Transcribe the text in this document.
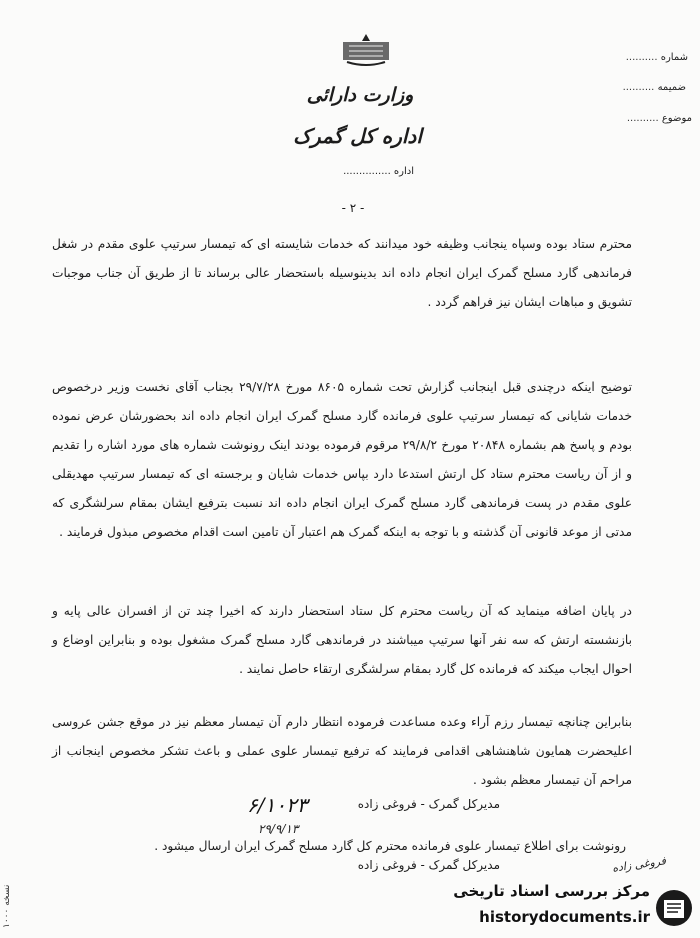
وزارت دارائی
اداره کل گمرک
اداره ...............
شماره ..........
ضمیمه ..........
موضوع ..........
- ۲ -
محترم ستاد بوده وسپاه ینجانب وظیفه خود میدانند که خدمات شایسته ای که تیمسار سرتیپ علوی مقدم در شغل فرماندهی گارد مسلح گمرک ایران انجام داده اند بدینوسیله باستحضار عالی برساند تا از طریق آن جناب موجبات تشویق و مباهات ایشان نیز فراهم گردد .
توضیح اینکه درچندی قبل اینجانب گزارش تحت شماره ۸۶۰۵ مورخ ۲۹/۷/۲۸ بجناب آقای نخست وزیر درخصوص خدمات شایانی که تیمسار سرتیپ علوی فرمانده گارد مسلح گمرک ایران انجام داده اند بحضورشان عرض نموده بودم و پاسخ هم بشماره ۲۰۸۴۸ مورخ ۲۹/۸/۲ مرقوم فرموده بودند اینک رونوشت شماره های مورد اشاره را تقدیم و از آن ریاست محترم ستاد کل ارتش استدعا دارد بپاس خدمات شایان و برجسته ای که تیمسار سرتیپ مهدیقلی علوی مقدم در پست فرماندهی گارد مسلح گمرک ایران انجام داده اند نسبت بترفیع ایشان بمقام سرلشگری که مدتی از موعد قانونی آن گذشته و با توجه به اینکه گمرک هم اعتبار آن تامین است اقدام مخصوص مبذول فرمایند .
در پایان اضافه مینماید که آن ریاست محترم کل ستاد استحضار دارند که اخیرا چند تن از افسران عالی پایه و بازنشسته ارتش که سه نفر آنها سرتیپ میباشند در فرماندهی گارد مسلح گمرک مشغول بوده و بنابراین اوضاع و احوال ایجاب میکند که فرمانده کل گارد بمقام سرلشگری ارتقاء حاصل نمایند .
بنابراین چنانچه تیمسار رزم آراء وعده مساعدت فرموده انتظار دارم آن تیمسار معظم نیز در موقع جشن عروسی اعلیحضرت همایون شاهنشاهی اقدامی فرمایند که ترفیع تیمسار علوی عملی و باعث تشکر مخصوص اینجانب از مراحم آن تیمسار معظم بشود .
مدیرکل گمرک - فروغی زاده
۶/۱۰۲۳
۲۹/۹/۱۳
رونوشت برای اطلاع تیمسار علوی فرمانده محترم کل گارد مسلح گمرک ایران ارسال میشود .
مدیرکل گمرک - فروغی زاده
۱۰۰۰ نسخه
فروغی زاده
مرکز بررسی اسناد تاریخی
historydocuments.ir
